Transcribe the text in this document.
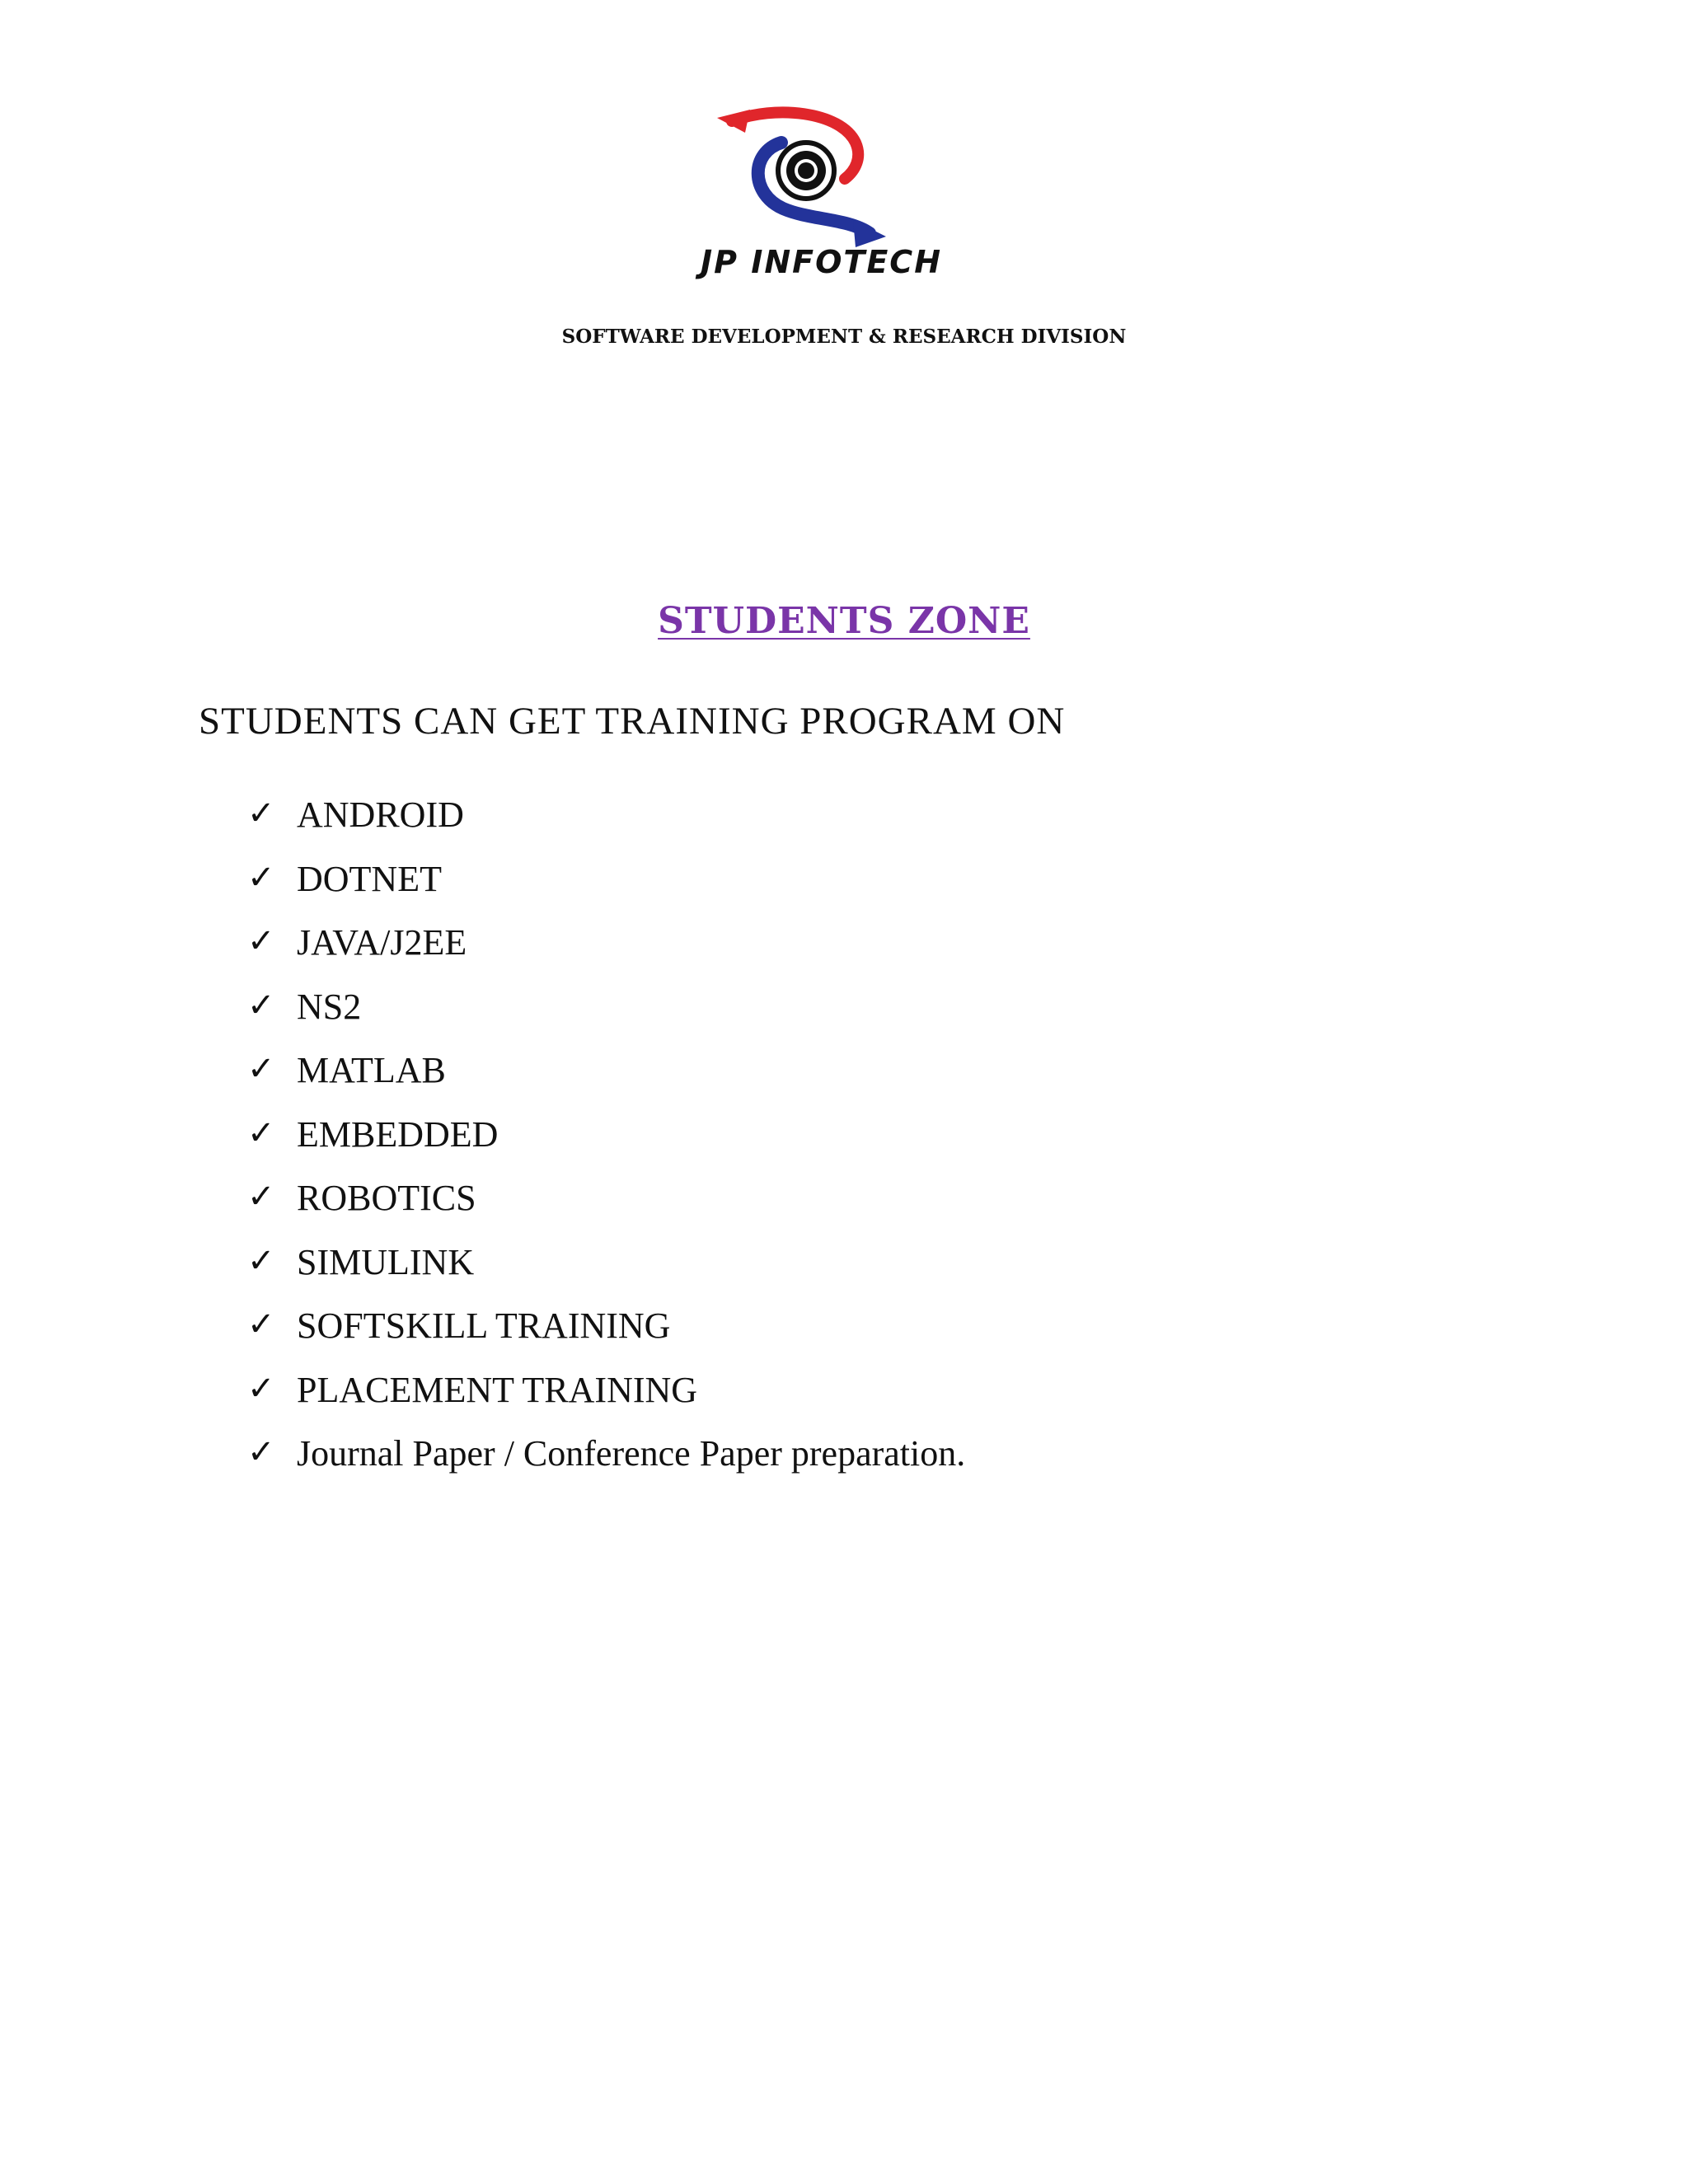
JP INFOTECH
SOFTWARE DEVELOPMENT & RESEARCH DIVISION
STUDENTS ZONE
STUDENTS CAN GET TRAINING PROGRAM ON
✓ ANDROID
✓ DOTNET
✓ JAVA/J2EE
✓ NS2
✓ MATLAB
✓ EMBEDDED
✓ ROBOTICS
✓ SIMULINK
✓ SOFTSKILL TRAINING
✓ PLACEMENT TRAINING
✓ Journal Paper / Conference Paper preparation.
